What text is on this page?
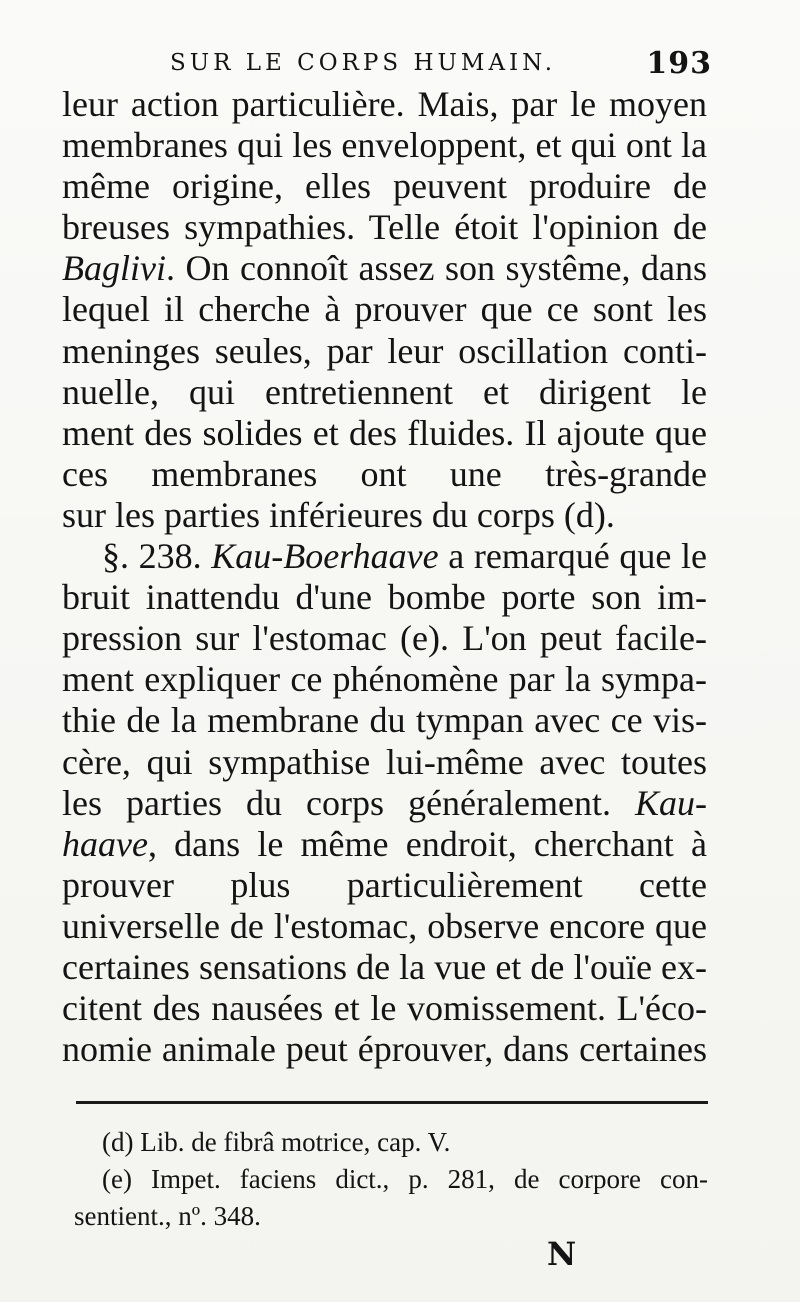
SUR LE CORPS HUMAIN.	193
leur action particulière. Mais, par le moyen
membranes qui les enveloppent, et qui ont la
même origine, elles peuvent produire de
breuses sympathies. Telle étoit l'opinion de
Baglivi. On connoît assez son systême, dans
lequel il cherche à prouver que ce sont les
meninges seules, par leur oscillation conti-
nuelle, qui entretiennent et dirigent le
ment des solides et des fluides. Il ajoute que
ces membranes ont une très-grande
sur les parties inférieures du corps (d).
§. 238. Kau-Boerhaave a remarqué que le
bruit inattendu d'une bombe porte son im-
pression sur l'estomac (e). L'on peut facile-
ment expliquer ce phénomène par la sympa-
thie de la membrane du tympan avec ce vis-
cère, qui sympathise lui-même avec toutes
les parties du corps généralement. Kau-
haave, dans le même endroit, cherchant à
prouver plus particulièrement cette
universelle de l'estomac, observe encore que
certaines sensations de la vue et de l'ouïe ex-
citent des nausées et le vomissement. L'éco-
nomie animale peut éprouver, dans certaines
(d) Lib. de fibrâ motrice, cap. V.
(e) Impet. faciens dict., p. 281, de corpore con-
sentient., nº. 348.
N
